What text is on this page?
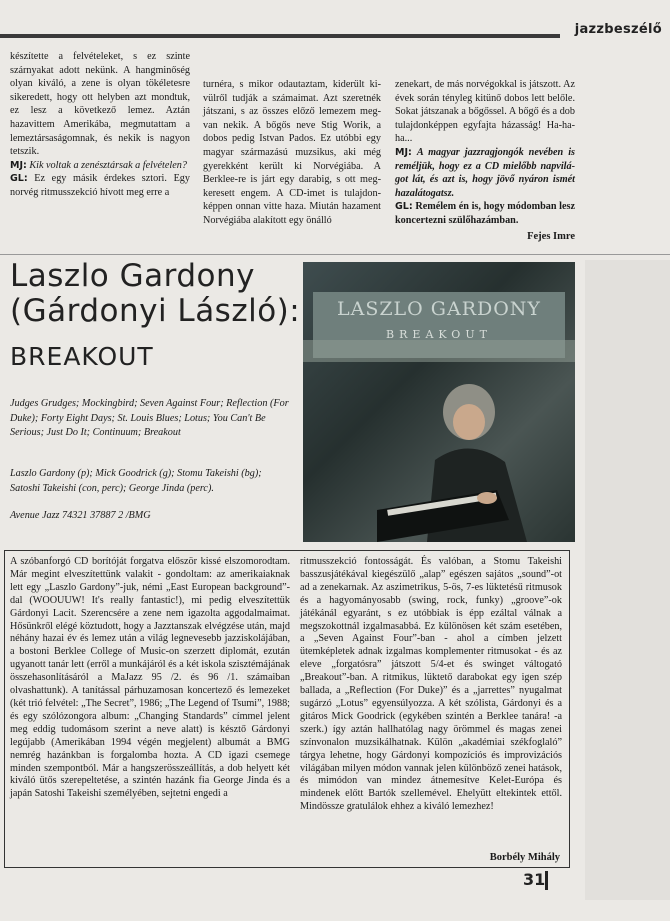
jazzbeszélő

készítette a felvételeket, s ez szinte szárnyakat adott nekünk. A hangminőség olyan kiváló, a zene is olyan tökéletesre sikeredett, hogy ott helyben azt mondtuk, ez lesz a következő lemez. Aztán hazavittem Amerikába, megmutattam a lemeztársaságomnak, és nekik is nagyon tetszik.

MJ: Kik voltak a zenésztársak a felvételen?

GL: Ez egy másik érdekes sztori. Egy norvég ritmusszekció hívott meg erre a

turnéra, s mikor odautaztam, kiderült kivülről tudják a számaimat. Azt szeretnék játszani, s az összes előző lemezem megvan nekik. A bőgős neve Stig Worik, a dobos pedig Istvan Pados. Ez utóbbi egy magyar származású muzsikus, aki még gyerekként került ki Norvégiába. A Berklee-re is járt egy darabig, s ott megkeresett engem. A CD-imet is tulajdonképpen onnan vitte haza. Miután hazament Norvégiába alakított egy önálló

zenekart, de más norvégokkal is játszott. Az évek során tényleg kitünő dobos lett belőle. Sokat játszanak a bőgőssel. A bőgő és a dob tulajdonképpen egyfajta házasság! Ha-ha-ha...

MJ: A magyar jazzragjongók nevében is reméljük, hogy ez a CD mielőbb napvilágot lát, és azt is, hogy jövő nyáron ismét hazalátogatsz.

GL: Remélem én is, hogy módomban lesz koncertezni szülőhazámban.

Fejes Imre
Laszlo Gardony
(Gárdonyi László):
BREAKOUT
Judges Grudges; Mockingbird; Seven Against Four; Reflection (For Duke); Forty Eight Days; St. Louis Blues; Lotus; You Can't Be Serious; Just Do It; Continuum; Breakout
Laszlo Gardony (p); Mick Goodrick (g); Stomu Takeishi (bg); Satoshi Takeishi (con, perc); George Jinda (perc).
Avenue Jazz 74321 37887 2 /BMG
LASZLO GARDONY
BREAKOUT
A szóbanforgó CD borítóját forgatva először kissé elszomorodtam. Már megint elveszítettünk valakit - gondoltam: az amerikaiaknak lett egy „Laszlo Gardony”-juk, némi „East European background”-dal (WOOUUW! It's really fantastic!), mi pedig elveszítettük Gárdonyi Lacit. Szerencsére a zene nem igazolta aggodalmaimat. Hősünkről elégé köztudott, hogy a Jazztanszak elvégzése után, majd néhány hazai év és lemez után a világ legnevesebb jazziskolájában, a bostoni Berklee College of Music-on szerzett diplomát, ezután ugyanott tanár lett (erről a munkájáról és a két iskola szisztémájának összehasonlításáról a MaJazz 95 /2. és 96 /1. számaiban olvashattunk). A tanítással párhuzamosan koncertező és lemezeket (két trió felvétel: „The Secret”, 1986; „The Legend of Tsumi”, 1988; és egy szólózongora album: „Changing Standards” címmel jelent meg eddig tudomásom szerint a neve alatt) is késztő Gárdonyi legújabb (Amerikában 1994 végén megjelent) albumát a BMG nemrég hazánkban is forgalomba hozta. A CD igazi csemege minden szempontból. Már a hangszerösszeállítás, a dob helyett két kiváló ütős szerepeltetése, a szintén hazánk fia George Jinda és a japán Satoshi Takeishi személyében, sejtetni engedi a
ritmusszekció fontosságát. És valóban, a Stomu Takeishi basszusjátékával kiegészülő „alap” egészen sajátos „sound”-ot ad a zenekarnak. Az aszimetrikus, 5-ös, 7-es lüktetésű ritmusok és a hagyományosabb (swing, rock, funky) „groove”-ok játékánál egyaránt, s ez utóbbiak is épp ezáltal válnak a megszokottnál izgalmasabbá. Ez különösen két szám esetében, a „Seven Against Four”-ban - ahol a címben jelzett ütemképletek adnak izgalmas komplementer ritmusokat - és az eleve „forgatósra” játszott 5/4-et és swinget váltogató „Breakout”-ban. A ritmikus, lüktető darabokat egy igen szép ballada, a „Reflection (For Duke)” és a „jarrettes” nyugalmat sugárzó „Lotus” egyensúlyozza. A két szólista, Gárdonyi és a gitáros Mick Goodrick (egykében szintén a Berklee tanára! -a szerk.) így aztán hallhatólag nagy örömmel és magas zenei színvonalon muzsikálhatnak. Külön „akadémiai székfoglaló” tárgya lehetne, hogy Gárdonyi kompozíciós és improvizációs világában milyen módon vannak jelen különböző zenei hatások, és mimódon van mindez átnemesítve Kelet-Európa és mindenek előtt Bartók szellemével. Ehelyütt eltekintek ettől. Mindössze gratulálok ehhez a kiváló lemezhez!
Borbély Mihály
31
